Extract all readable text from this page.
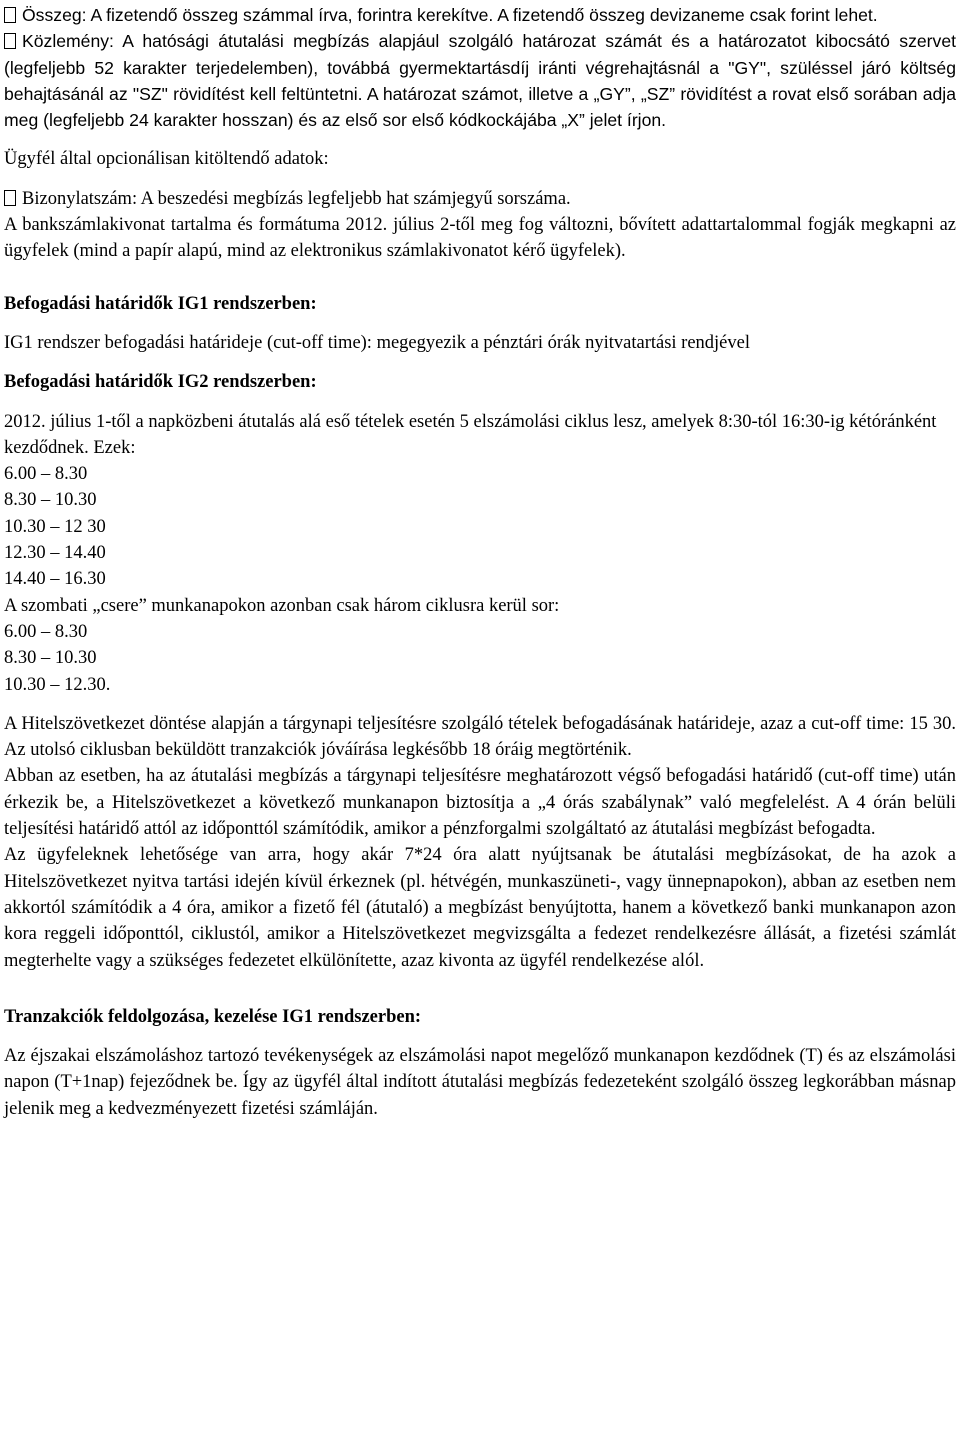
Összeg: A fizetendő összeg számmal írva, forintra kerekítve. A fizetendő összeg devizaneme csak forint lehet.

Közlemény: A hatósági átutalási megbízás alapjául szolgáló határozat számát és a határozatot kibocsátó szervet (legfeljebb 52 karakter terjedelemben), továbbá gyermektartásdíj iránti végrehajtásnál a "GY", szüléssel járó költség behajtásánál az "SZ" rövidítést kell feltüntetni. A határozat számot, illetve a „GY”, „SZ” rövidítést a rovat első sorában adja meg (legfeljebb 24 karakter hosszan) és az első sor első kódkockájába „X” jelet írjon.

Ügyfél által opcionálisan kitöltendő adatok:

Bizonylatszám: A beszedési megbízás legfeljebb hat számjegyű sorszáma.

A bankszámlakivonat tartalma és formátuma 2012. július 2-től meg fog változni, bővített adattartalommal fogják megkapni az ügyfelek (mind a papír alapú, mind az elektronikus számlakivonatot kérő ügyfelek).

Befogadási határidők IG1 rendszerben:

IG1 rendszer befogadási határideje (cut-off time): megegyezik a pénztári órák nyitvatartási rendjével

Befogadási határidők IG2 rendszerben:

2012. július 1-től a napközbeni átutalás alá eső tételek esetén 5 elszámolási ciklus lesz, amelyek 8:30-tól 16:30-ig kétóránként kezdődnek. Ezek:

6.00 – 8.30

8.30 – 10.30

10.30 – 12 30

12.30 – 14.40

14.40 – 16.30

A szombati „csere” munkanapokon azonban csak három ciklusra kerül sor:

6.00 – 8.30

8.30 – 10.30

10.30 – 12.30.

A Hitelszövetkezet döntése alapján a tárgynapi teljesítésre szolgáló tételek befogadásának határideje, azaz a cut-off time: 15 30. Az utolsó ciklusban beküldött tranzakciók jóváírása legkésőbb 18 óráig megtörténik.

Abban az esetben, ha az átutalási megbízás a tárgynapi teljesítésre meghatározott végső befogadási határidő (cut-off time) után érkezik be, a Hitelszövetkezet a következő munkanapon biztosítja a „4 órás szabálynak” való megfelelést. A 4 órán belüli teljesítési határidő attól az időponttól számítódik, amikor a pénzforgalmi szolgáltató az átutalási megbízást befogadta.

Az ügyfeleknek lehetősége van arra, hogy akár 7*24 óra alatt nyújtsanak be átutalási megbízásokat, de ha azok a Hitelszövetkezet nyitva tartási idején kívül érkeznek (pl. hétvégén, munkaszüneti-, vagy ünnepnapokon), abban az esetben nem akkortól számítódik a 4 óra, amikor a fizető fél (átutaló) a megbízást benyújtotta, hanem a következő banki munkanapon azon kora reggeli időponttól, ciklustól, amikor a Hitelszövetkezet megvizsgálta a fedezet rendelkezésre állását, a fizetési számlát megterhelte vagy a szükséges fedezetet elkülönítette, azaz kivonta az ügyfél rendelkezése alól.

Tranzakciók feldolgozása, kezelése IG1 rendszerben:

Az éjszakai elszámoláshoz tartozó tevékenységek az elszámolási napot megelőző munkanapon kezdődnek (T) és az elszámolási napon (T+1nap) fejeződnek be. Így az ügyfél által indított átutalási megbízás fedezeteként szolgáló összeg legkorábban másnap jelenik meg a kedvezményezett fizetési számláján.
